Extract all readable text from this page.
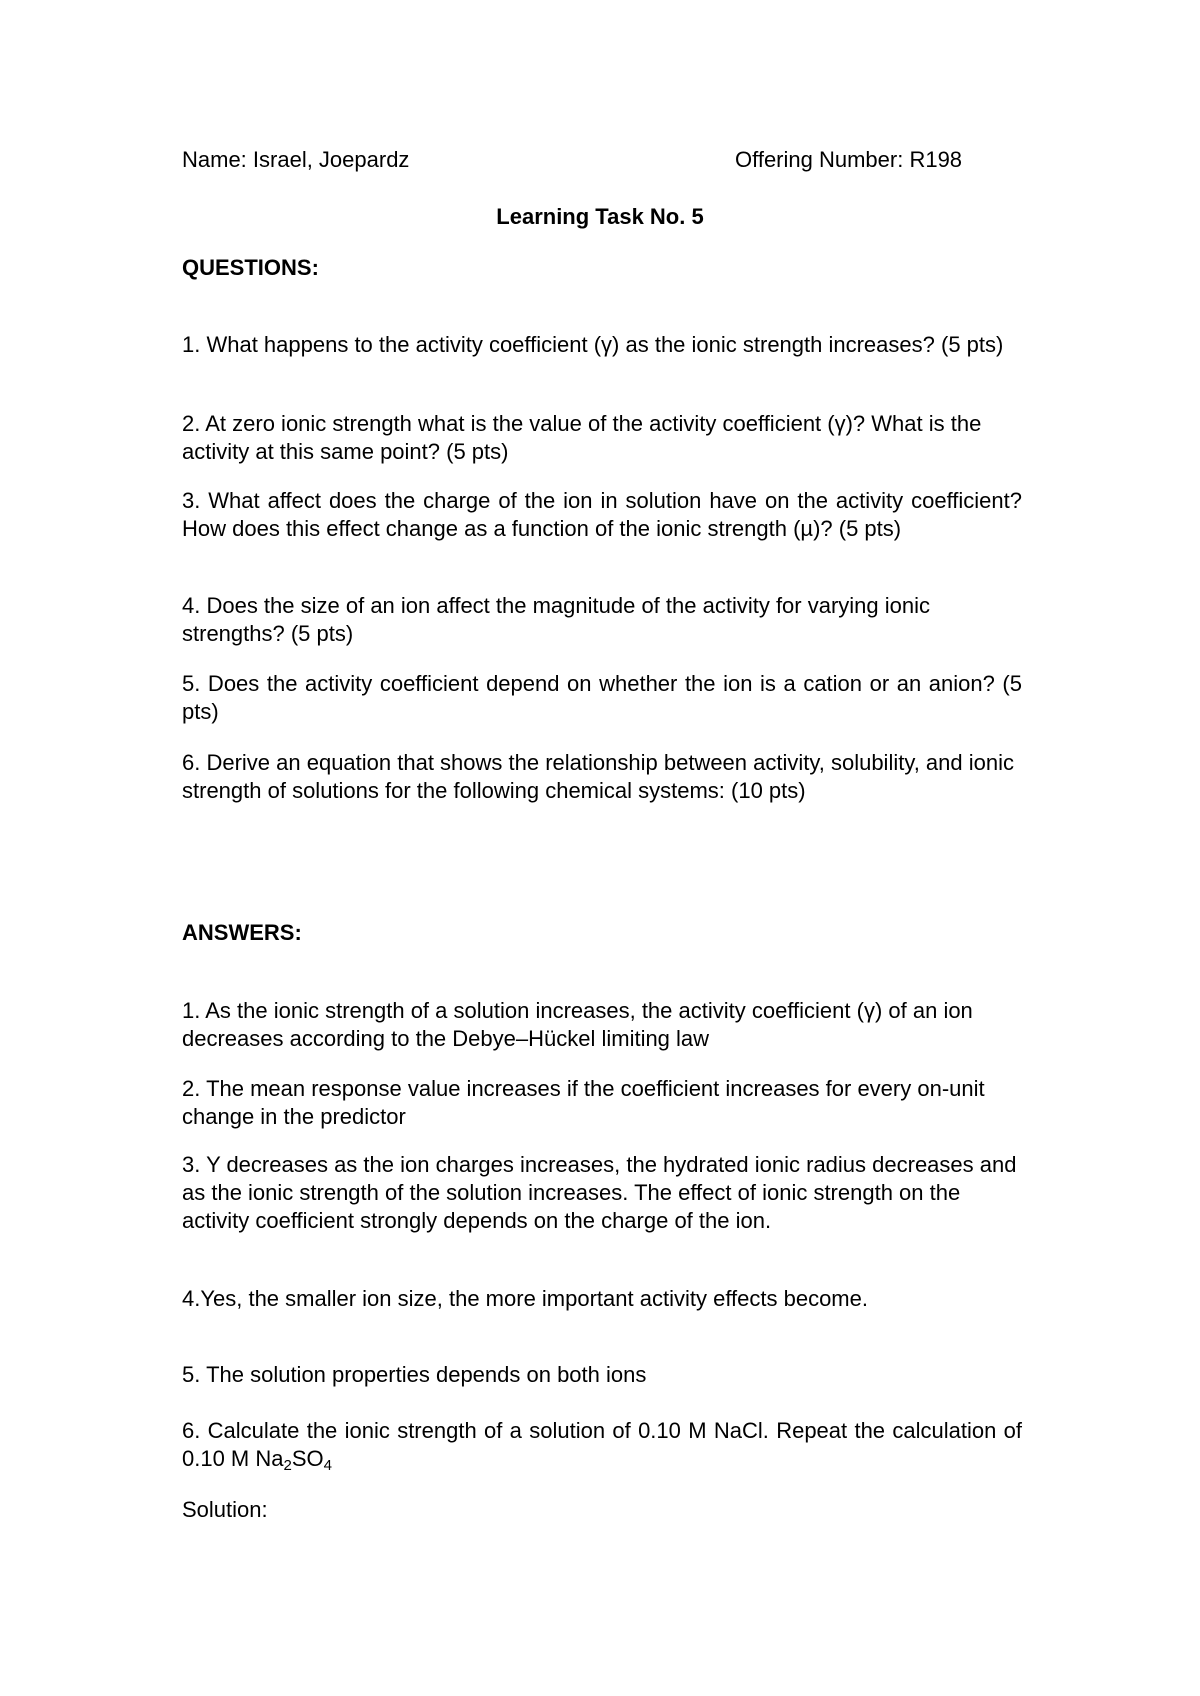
Name: Israel, Joepardz	Offering Number: R198
Learning Task No. 5
QUESTIONS:
1. What happens to the activity coefficient (γ) as the ionic strength increases? (5 pts)
2. At zero ionic strength what is the value of the activity coefficient (γ)? What is the activity at this same point? (5 pts)
3. What affect does the charge of the ion in solution have on the activity coefficient? How does this effect change as a function of the ionic strength (µ)? (5 pts)
4. Does the size of an ion affect the magnitude of the activity for varying ionic strengths? (5 pts)
5. Does the activity coefficient depend on whether the ion is a cation or an anion? (5 pts)
6. Derive an equation that shows the relationship between activity, solubility, and ionic strength of solutions for the following chemical systems: (10 pts)
ANSWERS:
1. As the ionic strength of a solution increases, the activity coefficient (γ) of an ion decreases according to the Debye–Hückel limiting law
2. The mean response value increases if the coefficient increases for every on-unit change in the predictor
3. Y decreases as the ion charges increases, the hydrated ionic radius decreases and as the ionic strength of the solution increases. The effect of ionic strength on the activity coefficient strongly depends on the charge of the ion.
4.Yes, the smaller ion size, the more important activity effects become.
5. The solution properties depends on both ions
6. Calculate the ionic strength of a solution of 0.10 M NaCl. Repeat the calculation of 0.10 M $Na_2SO_4$
Solution:
